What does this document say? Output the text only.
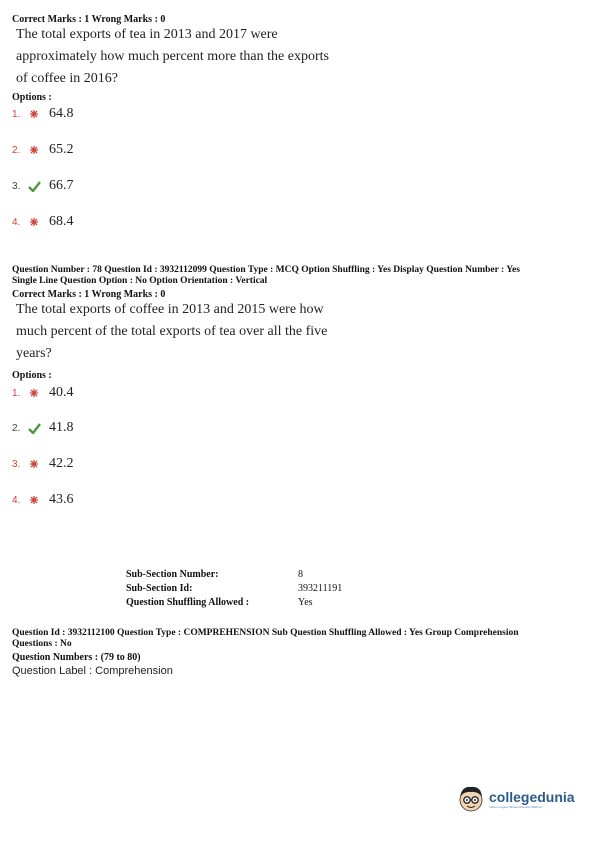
Correct Marks : 1 Wrong Marks : 0
The total exports of tea in 2013 and 2017 were
approximately how much percent more than the exports
of coffee in 2016?
Options :
1.	64.8
2.	65.2
3.	66.7
4.	68.4
Question Number : 78 Question Id : 3932112099 Question Type : MCQ Option Shuffling : Yes Display Question Number : Yes
Single Line Question Option : No Option Orientation : Vertical
Correct Marks : 1 Wrong Marks : 0
The total exports of coffee in 2013 and 2015 were how
much percent of the total exports of tea over all the five
years?
Options :
1.	40.4
2.	41.8
3.	42.2
4.	43.6
Sub-Section Number:	8
Sub-Section Id:	393211191
Question Shuffling Allowed :	Yes
Question Id : 3932112100 Question Type : COMPREHENSION Sub Question Shuffling Allowed : Yes Group Comprehension
Questions : No
Question Numbers : (79 to 80)
Question Label : Comprehension
collegedunia
India's Largest Student Review Platform
